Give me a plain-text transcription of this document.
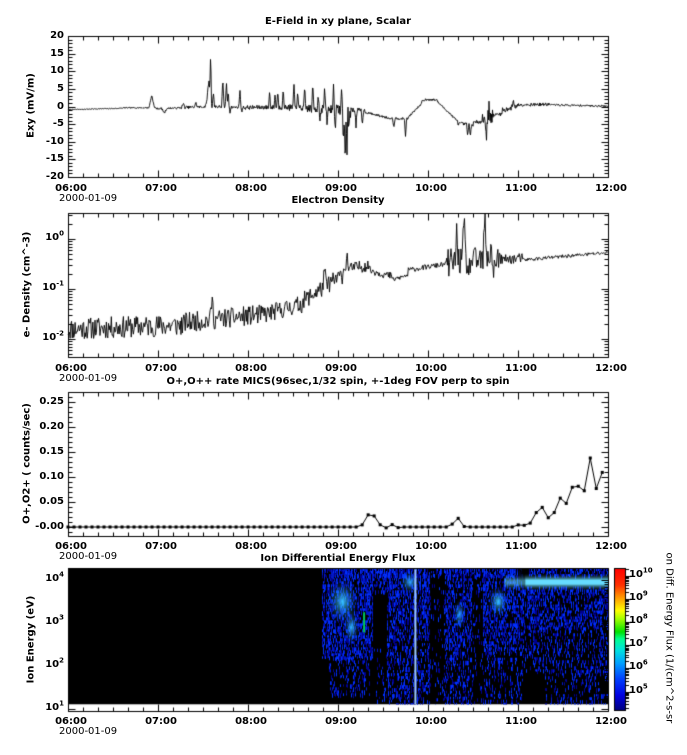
E-Field in xy plane, Scalar
Electron Density
O+,O++ rate MICS(96sec,1/32 spin, +-1deg FOV perp to spin
Ion Differential Energy Flux
Exy (mV/m)
e- Density (cm^-3)
O+,O2+ ( counts/sec)
Ion Energy (eV)	on Diff. Energy Flux (1/(cm^2-s-sr
2000-01-09
2000-01-09
2000-01-09
2000-01-09
06:00
06:00
06:00
06:00
07:00
07:00
07:00
07:00
08:00
08:00
08:00
08:00
09:00
09:00
09:00
09:00
10:00
10:00
10:00
10:00
11:00
11:00
11:00
11:00
12:00
12:00
12:00
12:00
20
15
10
5
0
-5
-10
-15
-20
$10^0$
$10^{-1}$
$10^{-2}$
0.25
0.20
0.15
0.10
0.05
-0.00
$10^4$
$10^3$
$10^2$
$10^1$
$10^{10}$
$10^9$
$10^8$
$10^7$
$10^6$
$10^5$
